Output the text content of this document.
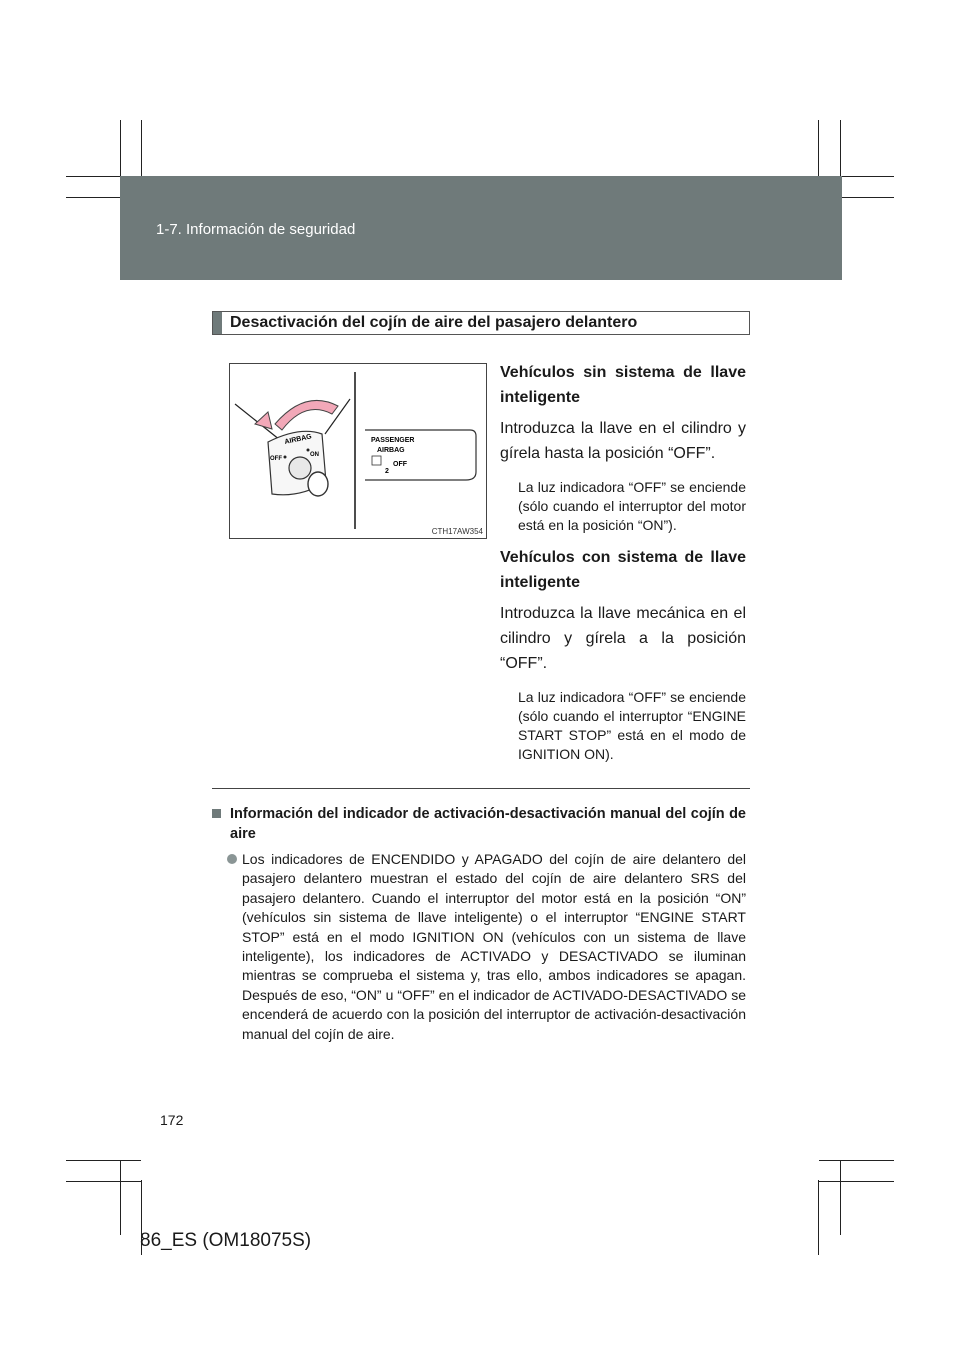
1-7. Información de seguridad
Desactivación del cojín de aire del pasajero delantero
AIRBAG
OFF
ON
PASSENGER
AIRBAG
OFF
2
CTH17AW354
Vehículos sin sistema de llave inteligente
Introduzca la llave en el cilindro y gírela hasta la posición “OFF”.
La luz indicadora “OFF” se enciende (sólo cuando el interruptor del motor está en la posición “ON”).
Vehículos con sistema de llave inteligente
Introduzca la llave mecánica en el cilindro y gírela a la posición “OFF”.
La luz indicadora “OFF” se enciende (sólo cuando el interruptor “ENGINE START STOP” está en el modo de IGNITION ON).
Información del indicador de activación-desactivación manual del cojín de aire
Los indicadores de ENCENDIDO y APAGADO del cojín de aire delantero del pasajero delantero muestran el estado del cojín de aire delantero SRS del pasajero delantero. Cuando el interruptor del motor está en la posición “ON” (vehículos sin sistema de llave inteligente) o el interruptor “ENGINE START STOP” está en el modo IGNITION ON (vehículos con un sistema de llave inteligente), los indicadores de ACTIVADO y DESACTIVADO se iluminan mientras se comprueba el sistema y, tras ello, ambos indicadores se apagan. Después de eso, “ON” u “OFF” en el indicador de ACTIVADO-DESACTIVADO se encenderá de acuerdo con la posición del interruptor de activación-desactivación manual del cojín de aire.
172
86_ES (OM18075S)
